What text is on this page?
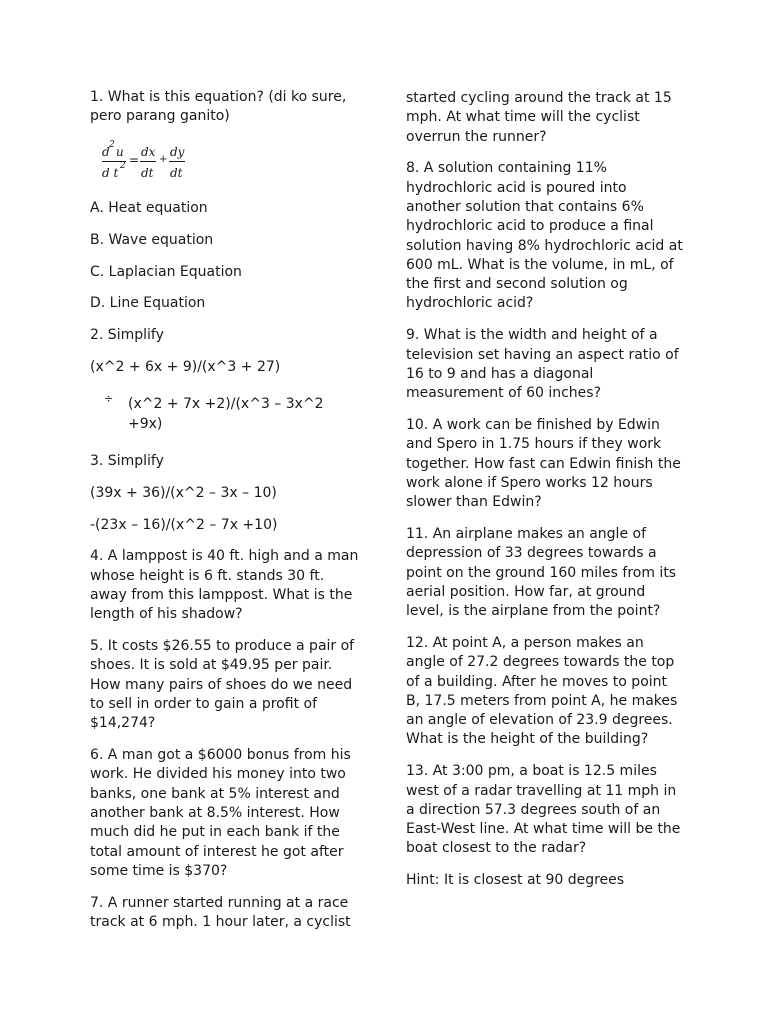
1. What is this equation? (di ko sure, pero parang ganito)

d 2 u
d t 2 =
dx
dt
+
dy
dt

A. Heat equation

B. Wave equation

C. Laplacian Equation

D. Line Equation

2. Simplify

(x^2 + 6x + 9)/(x^3 + 27)

÷ (x^2 + 7x +2)/(x^3 – 3x^2 +9x)

3. Simplify

(39x + 36)/(x^2 – 3x – 10)

-(23x – 16)/(x^2 – 7x +10)

4. A lamppost is 40 ft. high and a man whose height is 6 ft. stands 30 ft. away from this lamppost. What is the length of his shadow?

5. It costs $26.55 to produce a pair of shoes. It is sold at $49.95 per pair. How many pairs of shoes do we need to sell in order to gain a profit of $14,274?

6. A man got a $6000 bonus from his work. He divided his money into two banks, one bank at 5% interest and another bank at 8.5% interest. How much did he put in each bank if the total amount of interest he got after some time is $370?

7. A runner started running at a race track at 6 mph. 1 hour later, a cyclist

started cycling around the track at 15 mph. At what time will the cyclist overrun the runner?

8. A solution containing 11% hydrochloric acid is poured into another solution that contains 6% hydrochloric acid to produce a final solution having 8% hydrochloric acid at 600 mL. What is the volume, in mL, of the first and second solution og hydrochloric acid?

9. What is the width and height of a television set having an aspect ratio of 16 to 9 and has a diagonal measurement of 60 inches?

10. A work can be finished by Edwin and Spero in 1.75 hours if they work together. How fast can Edwin finish the work alone if Spero works 12 hours slower than Edwin?

11. An airplane makes an angle of depression of 33 degrees towards a point on the ground 160 miles from its aerial position. How far, at ground level, is the airplane from the point?

12. At point A, a person makes an angle of 27.2 degrees towards the top of a building. After he moves to point B, 17.5 meters from point A, he makes an angle of elevation of 23.9 degrees. What is the height of the building?

13. At 3:00 pm, a boat is 12.5 miles west of a radar travelling at 11 mph in a direction 57.3 degrees south of an East-West line. At what time will be the boat closest to the radar?

Hint: It is closest at 90 degrees
